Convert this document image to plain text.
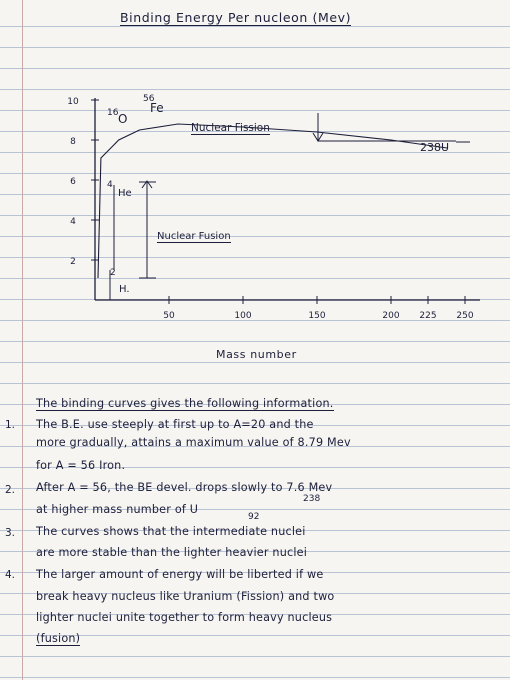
Binding Energy Per nucleon (Mev)
50	100	150	200 225 250
10
8
6
4
2
O
16	Fe
56
He
4
H.
2
238U
Nuclear Fission
Nuclear Fusion
Mass number
The binding curves gives the following information.
1. The B.E. use steeply at first up to A=20 and the
more gradually, attains a maximum value of 8.79 Mev
for A = 56 Iron.
2. After A = 56, the BE devel. drops slowly to 7.6 Mev
at higher mass number of U
238
92
3. The curves shows that the intermediate nuclei
are more stable than the lighter heavier nuclei
4. The larger amount of energy will be liberted if we
break heavy nucleus like Uranium (Fission) and two
lighter nuclei unite together to form heavy nucleus
(fusion)
